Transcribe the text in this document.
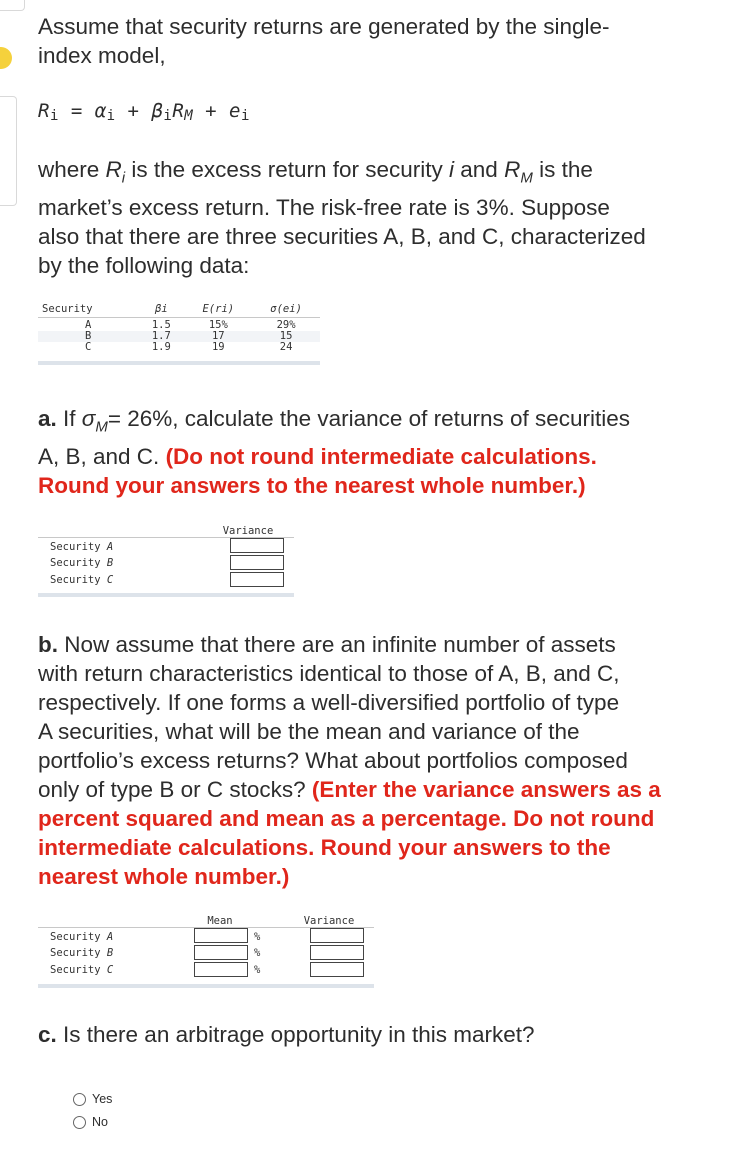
Assume that security returns are generated by the single-
index model,

Ri = αi + βiRM + ei

where $R_i$ is the excess return for security i and $R_M$ is the
market’s excess return. The risk-free rate is 3%. Suppose
also that there are three securities A, B, and C, characterized
by the following data:

Security	βi	E(ri)	σ(ei)
A	1.5	15%	29%
B	1.7	17	15
C	1.9	19	24

a. If $\sigma_M= 26\%$, calculate the variance of returns of securities
A, B, and C. (Do not round intermediate calculations.
Round your answers to the nearest whole number.)

Variance
Security A
Security B
Security C

b. Now assume that there are an infinite number of assets
with return characteristics identical to those of A, B, and C,
respectively. If one forms a well-diversified portfolio of type
A securities, what will be the mean and variance of the
portfolio’s excess returns? What about portfolios composed
only of type B or C stocks? (Enter the variance answers as a
percent squared and mean as a percentage. Do not round
intermediate calculations. Round your answers to the
nearest whole number.)

Mean	Variance
Security A
Security B
Security C
%
%
%

c. Is there an arbitrage opportunity in this market?

Yes
No
